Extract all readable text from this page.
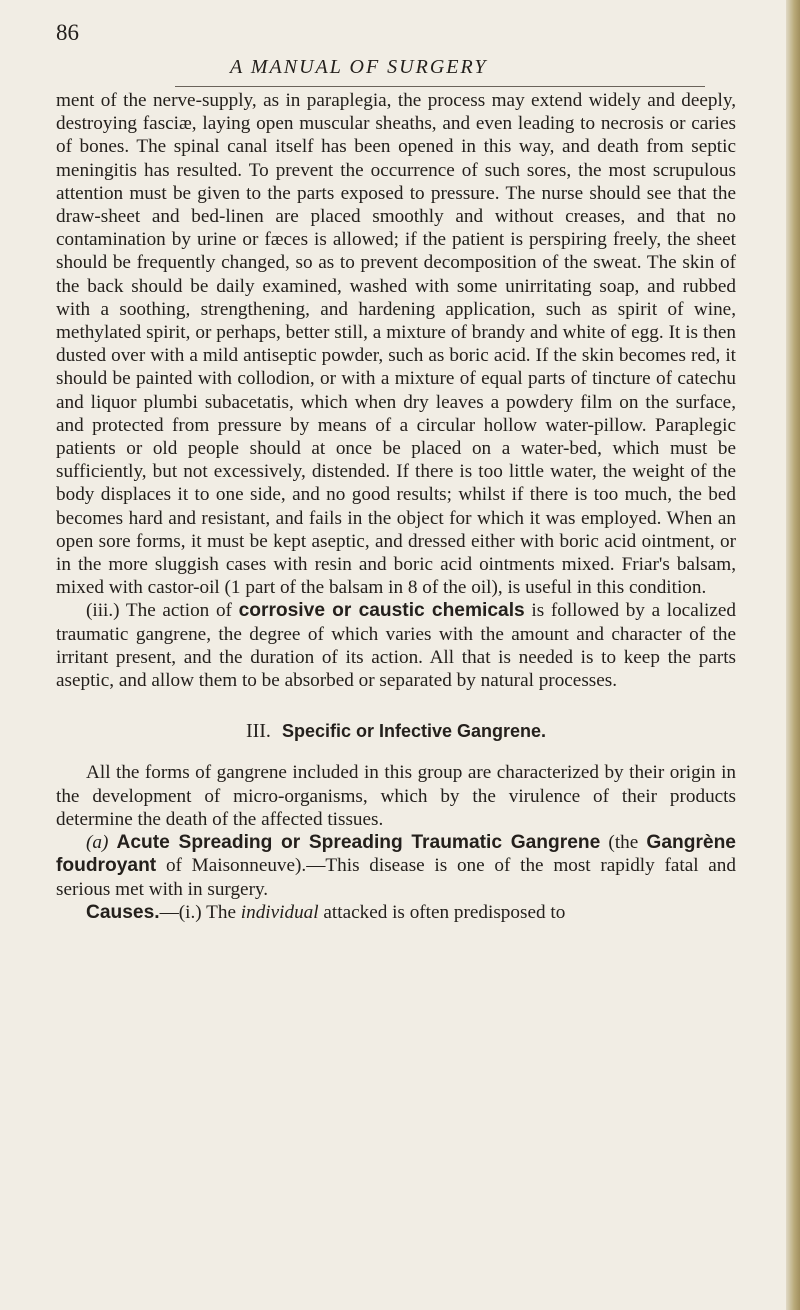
86
A MANUAL OF SURGERY

ment of the nerve-supply, as in paraplegia, the process may extend widely and deeply, destroying fasciæ, laying open muscular sheaths, and even leading to necrosis or caries of bones. The spinal canal itself has been opened in this way, and death from septic meningitis has resulted. To prevent the occurrence of such sores, the most scrupulous attention must be given to the parts exposed to pressure. The nurse should see that the draw-sheet and bed-linen are placed smoothly and without creases, and that no contamination by urine or fæces is allowed; if the patient is perspiring freely, the sheet should be frequently changed, so as to prevent decomposition of the sweat. The skin of the back should be daily examined, washed with some unirritating soap, and rubbed with a soothing, strengthening, and hardening application, such as spirit of wine, methylated spirit, or perhaps, better still, a mixture of brandy and white of egg. It is then dusted over with a mild antiseptic powder, such as boric acid. If the skin becomes red, it should be painted with collodion, or with a mixture of equal parts of tincture of catechu and liquor plumbi subacetatis, which when dry leaves a powdery film on the surface, and protected from pressure by means of a circular hollow water-pillow. Paraplegic patients or old people should at once be placed on a water-bed, which must be sufficiently, but not excessively, distended. If there is too little water, the weight of the body displaces it to one side, and no good results; whilst if there is too much, the bed becomes hard and resistant, and fails in the object for which it was employed. When an open sore forms, it must be kept aseptic, and dressed either with boric acid ointment, or in the more sluggish cases with resin and boric acid ointments mixed. Friar's balsam, mixed with castor-oil (1 part of the balsam in 8 of the oil), is useful in this condition.

(iii.) The action of corrosive or caustic chemicals is followed by a localized traumatic gangrene, the degree of which varies with the amount and character of the irritant present, and the duration of its action. All that is needed is to keep the parts aseptic, and allow them to be absorbed or separated by natural processes.

III. Specific or Infective Gangrene.

All the forms of gangrene included in this group are characterized by their origin in the development of micro-organisms, which by the virulence of their products determine the death of the affected tissues.

(a) Acute Spreading or Spreading Traumatic Gangrene (the Gangrène foudroyant of Maisonneuve).—This disease is one of the most rapidly fatal and serious met with in surgery.

Causes.—(i.) The individual attacked is often predisposed to
